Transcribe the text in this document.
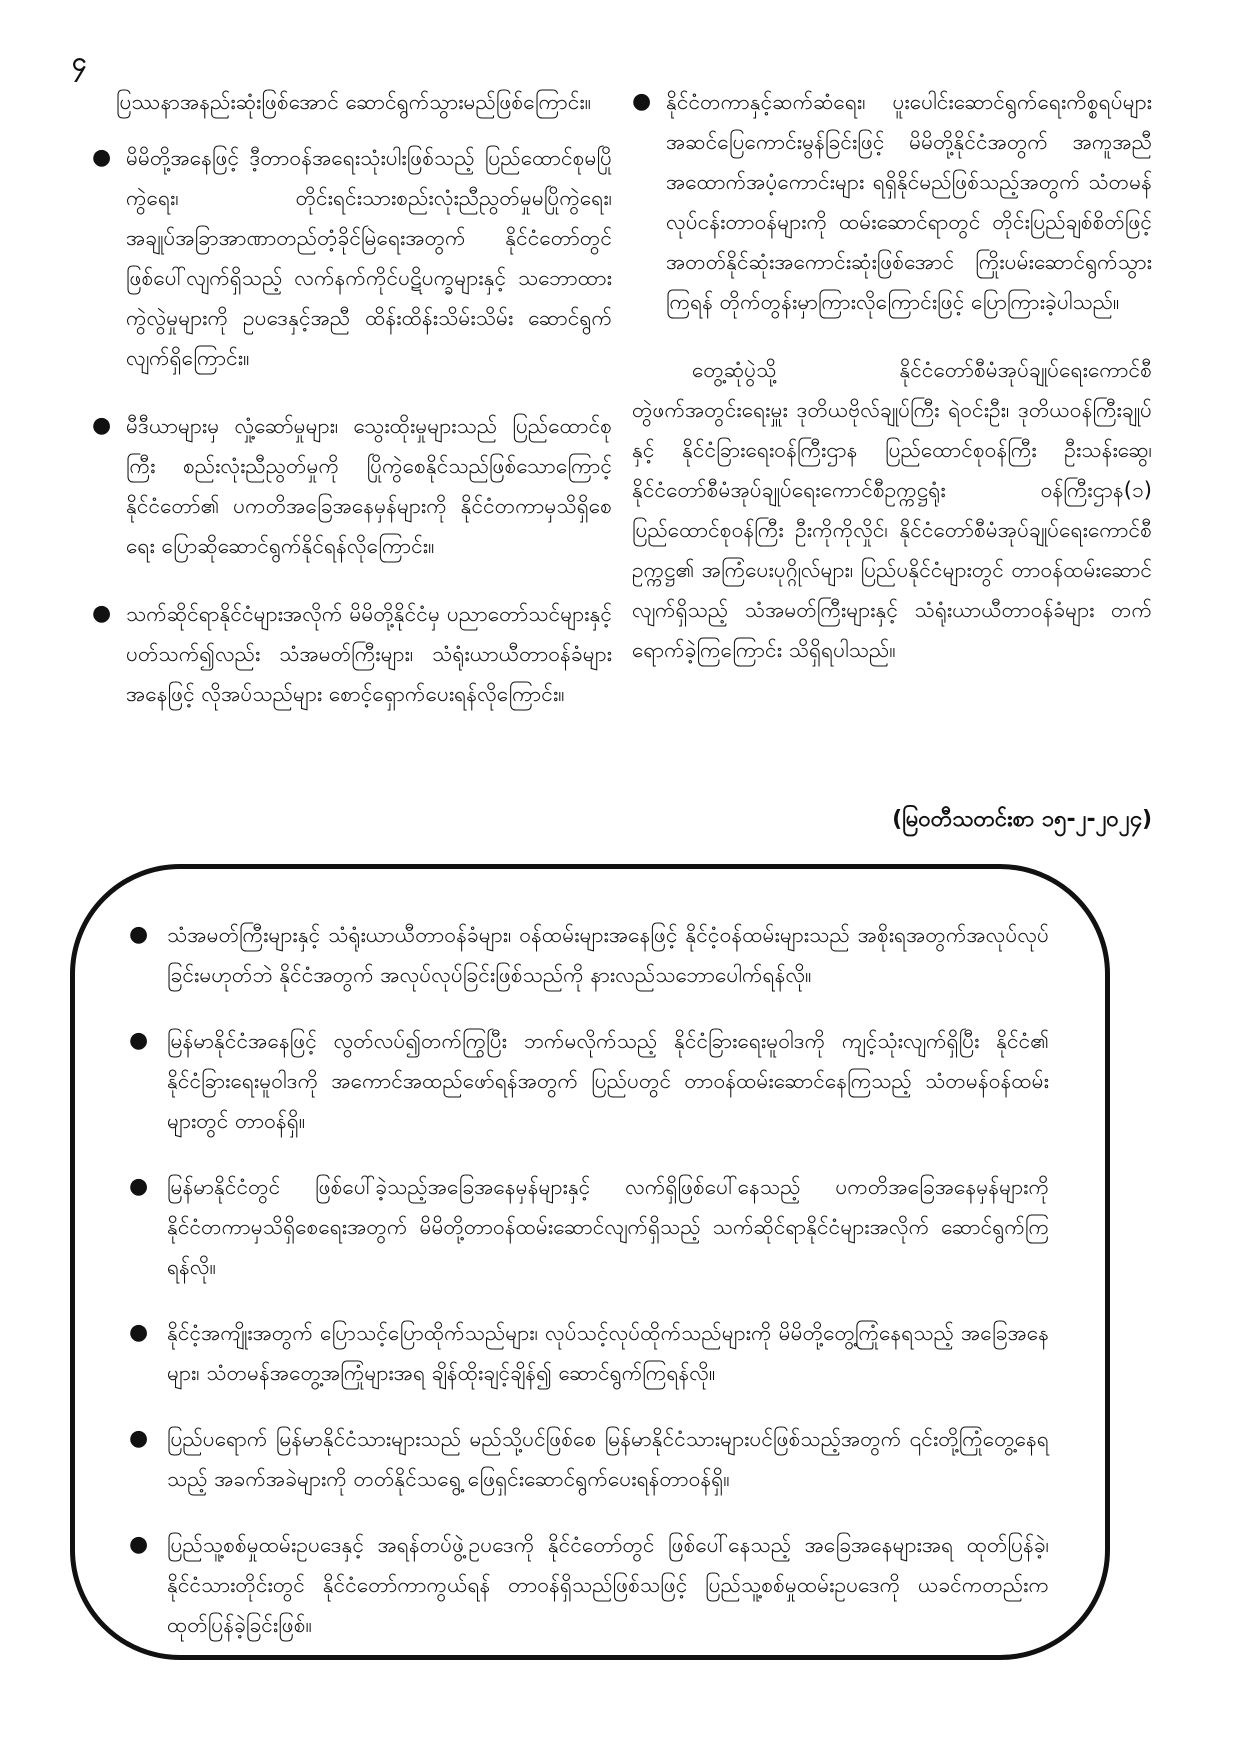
၄

ပြဿနာအနည်းဆုံးဖြစ်အောင် ဆောင်ရွက်သွားမည်ဖြစ်ကြောင်း။

● မိမိတို့အနေဖြင့် ဒီ့တာဝန်အရေးသုံးပါးဖြစ်သည့် ပြည်ထောင်စုမပြိုကွဲရေး၊ တိုင်းရင်းသားစည်းလုံးညီညွတ်မှုမပြိုကွဲရေး၊ အချုပ်အခြာအာဏာတည်တံ့ခိုင်မြဲရေးအတွက် နိုင်ငံတော်တွင် ဖြစ်ပေါ်လျက်ရှိသည့် လက်နက်ကိုင်ပဋိပက္ခများနှင့် သဘောထားကွဲလွဲမှုများကို ဥပဒေနှင့်အညီ ထိန်းထိန်းသိမ်းသိမ်း ဆောင်ရွက်လျက်ရှိကြောင်း။
● မီဒီယာများမှ လှုံ့ဆော်မှုများ၊ သွေးထိုးမှုများသည် ပြည်ထောင်စုကြီး စည်းလုံးညီညွတ်မှုကို ပြိုကွဲစေနိုင်သည်ဖြစ်သောကြောင့် နိုင်ငံတော်၏ ပကတိအခြေအနေမှန်များကို နိုင်ငံတကာမှသိရှိစေရေး ပြောဆိုဆောင်ရွက်နိုင်ရန်လိုကြောင်း။
● သက်ဆိုင်ရာနိုင်ငံများအလိုက် မိမိတို့နိုင်ငံမှ ပညာတော်သင်များနှင့်ပတ်သက်၍လည်း သံအမတ်ကြီးများ၊ သံရုံးယာယီတာဝန်ခံများအနေဖြင့် လိုအပ်သည်များ စောင့်ရှောက်ပေးရန်လိုကြောင်း။
● နိုင်ငံတကာနှင့်ဆက်ဆံရေး၊ ပူးပေါင်းဆောင်ရွက်ရေးကိစ္စရပ်များ အဆင်ပြေကောင်းမွန်ခြင်းဖြင့် မိမိတို့နိုင်ငံအတွက် အကူအညီအထောက်အပံ့ကောင်းများ ရရှိနိုင်မည်ဖြစ်သည့်အတွက် သံတမန်လုပ်ငန်းတာဝန်များကို ထမ်းဆောင်ရာတွင် တိုင်းပြည်ချစ်စိတ်ဖြင့် အတတ်နိုင်ဆုံးအကောင်းဆုံးဖြစ်အောင် ကြိုးပမ်းဆောင်ရွက်သွားကြရန် တိုက်တွန်းမှာကြားလိုကြောင်းဖြင့် ပြောကြားခဲ့ပါသည်။

တွေ့ဆုံပွဲသို့ နိုင်ငံတော်စီမံအုပ်ချုပ်ရေးကောင်စီတွဲဖက်အတွင်းရေးမှူး ဒုတိယဗိုလ်ချုပ်ကြီး ရဲဝင်းဦး၊ ဒုတိယဝန်ကြီးချုပ်နှင့် နိုင်ငံခြားရေးဝန်ကြီးဌာန ပြည်ထောင်စုဝန်ကြီး ဦးသန်းဆွေ၊ နိုင်ငံတော်စီမံအုပ်ချုပ်ရေးကောင်စီဥက္ကဋ္ဌရုံး ဝန်ကြီးဌာန(၁) ပြည်ထောင်စုဝန်ကြီး ဦးကိုကိုလှိုင်၊ နိုင်ငံတော်စီမံအုပ်ချုပ်ရေးကောင်စီဥက္ကဋ္ဌ၏ အကြံပေးပုဂ္ဂိုလ်များ၊ ပြည်ပနိုင်ငံများတွင် တာဝန်ထမ်းဆောင်လျက်ရှိသည့် သံအမတ်ကြီးများနှင့် သံရုံးယာယီတာဝန်ခံများ တက်ရောက်ခဲ့ကြကြောင်း သိရှိရပါသည်။

(မြဝတီသတင်းစာ ၁၅-၂-၂၀၂၄)
● သံအမတ်ကြီးများနှင့် သံရုံးယာယီတာဝန်ခံများ၊ ဝန်ထမ်းများအနေဖြင့် နိုင်ငံ့ဝန်ထမ်းများသည် အစိုးရအတွက်အလုပ်လုပ်ခြင်းမဟုတ်ဘဲ နိုင်ငံအတွက် အလုပ်လုပ်ခြင်းဖြစ်သည်ကို နားလည်သဘောပေါက်ရန်လို။
● မြန်မာနိုင်ငံအနေဖြင့် လွတ်လပ်၍တက်ကြွပြီး ဘက်မလိုက်သည့် နိုင်ငံခြားရေးမူဝါဒကို ကျင့်သုံးလျက်ရှိပြီး နိုင်ငံ၏ နိုင်ငံခြားရေးမူဝါဒကို အကောင်အထည်ဖော်ရန်အတွက် ပြည်ပတွင် တာဝန်ထမ်းဆောင်နေကြသည့် သံတမန်ဝန်ထမ်းများတွင် တာဝန်ရှိ။
● မြန်မာနိုင်ငံတွင် ဖြစ်ပေါ်ခဲ့သည့်အခြေအနေမှန်များနှင့် လက်ရှိဖြစ်ပေါ်နေသည့် ပကတိအခြေအနေမှန်များကို နိုင်ငံတကာမှသိရှိစေရေးအတွက် မိမိတို့တာဝန်ထမ်းဆောင်လျက်ရှိသည့် သက်ဆိုင်ရာနိုင်ငံများအလိုက် ဆောင်ရွက်ကြရန်လို။
● နိုင်ငံ့အကျိုးအတွက် ပြောသင့်ပြောထိုက်သည်များ၊ လုပ်သင့်လုပ်ထိုက်သည်များကို မိမိတို့တွေ့ကြုံနေရသည့် အခြေအနေများ၊ သံတမန်အတွေ့အကြုံများအရ ချိန်ထိုးချင့်ချိန်၍ ဆောင်ရွက်ကြရန်လို။
● ပြည်ပရောက် မြန်မာနိုင်ငံသားများသည် မည်သို့ပင်ဖြစ်စေ မြန်မာနိုင်ငံသားများပင်ဖြစ်သည့်အတွက် ၎င်းတို့ကြုံတွေ့နေရသည့် အခက်အခဲများကို တတ်နိုင်သရွေ့ ဖြေရှင်းဆောင်ရွက်ပေးရန်တာဝန်ရှိ။
● ပြည်သူ့စစ်မှုထမ်းဥပဒေနှင့် အရန်တပ်ဖွဲ့ဥပဒေကို နိုင်ငံတော်တွင် ဖြစ်ပေါ်နေသည့် အခြေအနေများအရ ထုတ်ပြန်ခဲ့၊ နိုင်ငံသားတိုင်းတွင် နိုင်ငံတော်ကာကွယ်ရန် တာဝန်ရှိသည်ဖြစ်သဖြင့် ပြည်သူ့စစ်မှုထမ်းဥပဒေကို ယခင်ကတည်းက ထုတ်ပြန်ခဲ့ခြင်းဖြစ်။
